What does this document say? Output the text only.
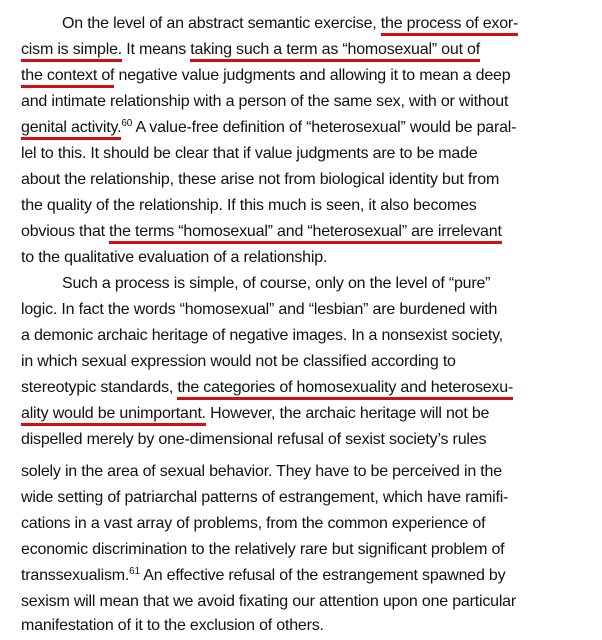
On the level of an abstract semantic exercise, the process of exor-
cism is simple. It means taking such a term as “homosexual” out of
the context of negative value judgments and allowing it to mean a deep
and intimate relationship with a person of the same sex, with or without
genital activity.$^{60}$ A value-free definition of “heterosexual” would be paral-
lel to this. It should be clear that if value judgments are to be made
about the relationship, these arise not from biological identity but from
the quality of the relationship. If this much is seen, it also becomes
obvious that the terms “homosexual” and “heterosexual” are irrelevant
to the qualitative evaluation of a relationship.
Such a process is simple, of course, only on the level of “pure”
logic. In fact the words “homosexual” and “lesbian” are burdened with
a demonic archaic heritage of negative images. In a nonsexist society,
in which sexual expression would not be classified according to
stereotypic standards, the categories of homosexuality and heterosexu-
ality would be unimportant. However, the archaic heritage will not be
dispelled merely by one-dimensional refusal of sexist society’s rules
solely in the area of sexual behavior. They have to be perceived in the
wide setting of patriarchal patterns of estrangement, which have ramifi-
cations in a vast array of problems, from the common experience of
economic discrimination to the relatively rare but significant problem of
transsexualism.$^{61}$ An effective refusal of the estrangement spawned by
sexism will mean that we avoid fixating our attention upon one particular
manifestation of it to the exclusion of others.
